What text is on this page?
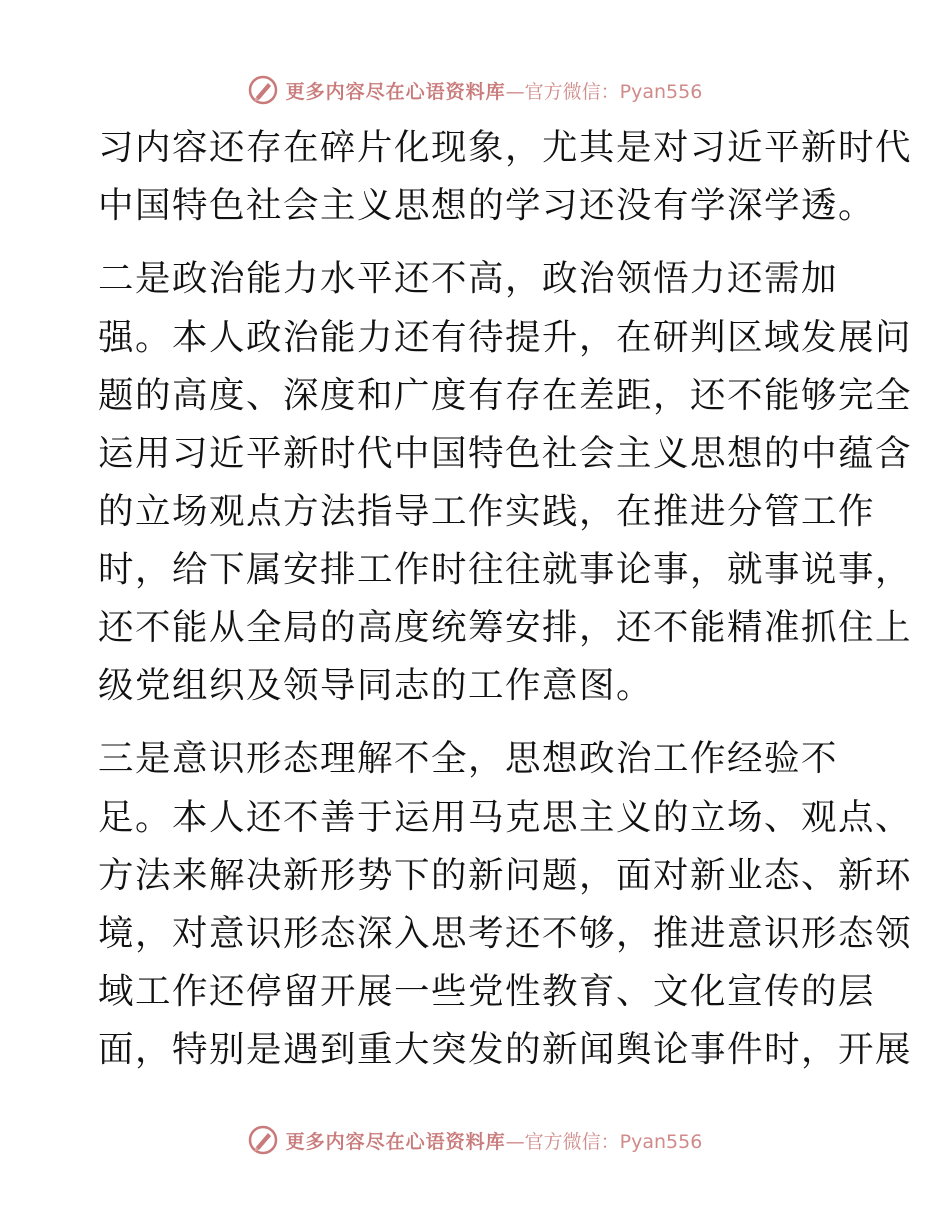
更多内容尽在心语资料库 —官方微信：Pyan556
习内容还存在碎片化现象，尤其是对习近平新时代
中国特色社会主义思想的学习还没有学深学透。
二是政治能力水平还不高，政治领悟力还需加
强。本人政治能力还有待提升，在研判区域发展问
题的高度、深度和广度有存在差距，还不能够完全
运用习近平新时代中国特色社会主义思想的中蕴含
的立场观点方法指导工作实践，在推进分管工作
时，给下属安排工作时往往就事论事，就事说事，
还不能从全局的高度统筹安排，还不能精准抓住上
级党组织及领导同志的工作意图。
三是意识形态理解不全，思想政治工作经验不
足。本人还不善于运用马克思主义的立场、观点、
方法来解决新形势下的新问题，面对新业态、新环
境，对意识形态深入思考还不够，推进意识形态领
域工作还停留开展一些党性教育、文化宣传的层
面，特别是遇到重大突发的新闻舆论事件时，开展
更多内容尽在心语资料库 —官方微信：Pyan556
